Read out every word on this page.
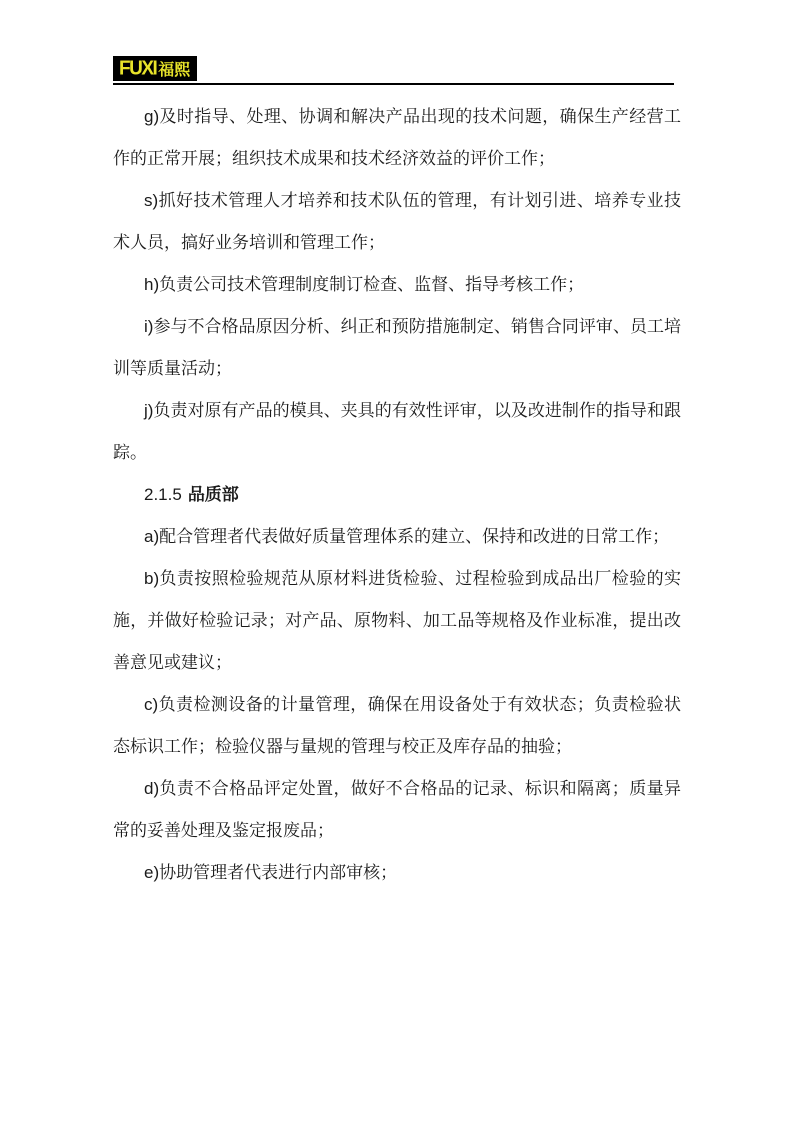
FUXI 福熙

g)及时指导、处理、协调和解决产品出现的技术问题，确保生产经营工作的正常开展；组织技术成果和技术经济效益的评价工作；

s)抓好技术管理人才培养和技术队伍的管理，有计划引进、培养专业技术人员，搞好业务培训和管理工作；

h)负责公司技术管理制度制订检查、监督、指导考核工作；

i)参与不合格品原因分析、纠正和预防措施制定、销售合同评审、员工培训等质量活动；

j)负责对原有产品的模具、夹具的有效性评审，以及改进制作的指导和跟踪。

2.1.5 品质部

a)配合管理者代表做好质量管理体系的建立、保持和改进的日常工作；

b)负责按照检验规范从原材料进货检验、过程检验到成品出厂检验的实施，并做好检验记录；对产品、原物料、加工品等规格及作业标准，提出改善意见或建议；

c)负责检测设备的计量管理，确保在用设备处于有效状态；负责检验状态标识工作；检验仪器与量规的管理与校正及库存品的抽验；

d)负责不合格品评定处置，做好不合格品的记录、标识和隔离；质量异常的妥善处理及鉴定报废品；

e)协助管理者代表进行内部审核；
